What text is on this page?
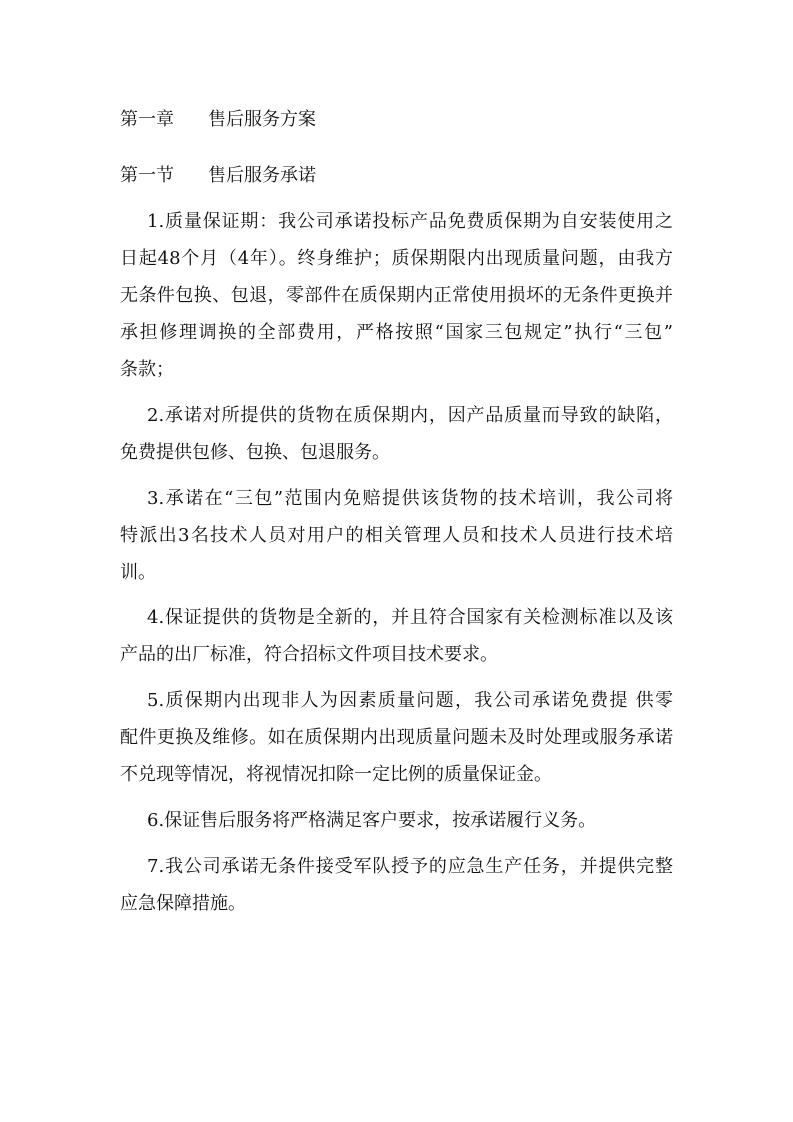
第一章 售后服务方案
第一节 售后服务承诺
1.质量保证期：我公司承诺投标产品免费质保期为自安装使用之
日起48个月（4年）。终身维护；质保期限内出现质量问题，由我方
无条件包换、包退，零部件在质保期内正常使用损坏的无条件更换并
承担修理调换的全部费用，严格按照“国家三包规定”执行“三包”
条款；
2.承诺对所提供的货物在质保期内，因产品质量而导致的缺陷，
免费提供包修、包换、包退服务。
3.承诺在“三包”范围内免赔提供该货物的技术培训，我公司将
特派出3名技术人员对用户的相关管理人员和技术人员进行技术培
训。
4.保证提供的货物是全新的，并且符合国家有关检测标准以及该
产品的出厂标准，符合招标文件项目技术要求。
5.质保期内出现非人为因素质量问题，我公司承诺免费提 供零
配件更换及维修。如在质保期内出现质量问题未及时处理或服务承诺
不兑现等情况，将视情况扣除一定比例的质量保证金。
6.保证售后服务将严格满足客户要求，按承诺履行义务。
7.我公司承诺无条件接受军队授予的应急生产任务，并提供完整
应急保障措施。
